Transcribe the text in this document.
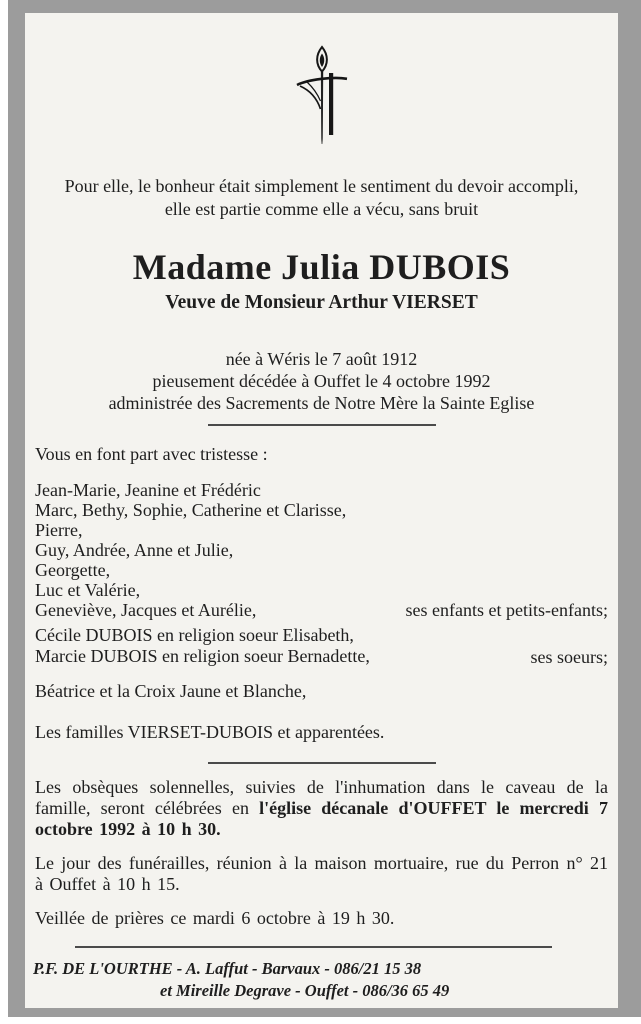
Pour elle, le bonheur était simplement le sentiment du devoir accompli,
elle est partie comme elle a vécu, sans bruit
Madame Julia DUBOIS
Veuve de Monsieur Arthur VIERSET
née à Wéris le 7 août 1912
pieusement décédée à Ouffet le 4 octobre 1992
administrée des Sacrements de Notre Mère la Sainte Eglise
Vous en font part avec tristesse :
Jean-Marie, Jeanine et Frédéric
Marc, Bethy, Sophie, Catherine et Clarisse,
Pierre,
Guy, Andrée, Anne et Julie,
Georgette,
Luc et Valérie,
Geneviève, Jacques et Aurélie,	ses enfants et petits-enfants;
Cécile DUBOIS en religion soeur Elisabeth,
Marcie DUBOIS en religion soeur Bernadette,	ses soeurs;
Béatrice et la Croix Jaune et Blanche,
Les familles VIERSET-DUBOIS et apparentées.

Les obsèques solennelles, suivies de l'inhumation dans le caveau de la famille, seront célébrées en l'église décanale d'OUFFET le mercredi 7 octobre 1992 à 10 h 30.

Le jour des funérailles, réunion à la maison mortuaire, rue du Perron n° 21 à Ouffet à 10 h 15.

Veillée de prières ce mardi 6 octobre à 19 h 30.

P.F. DE L'OURTHE - A. Laffut - Barvaux - 086/21 15 38
et Mireille Degrave - Ouffet - 086/36 65 49
